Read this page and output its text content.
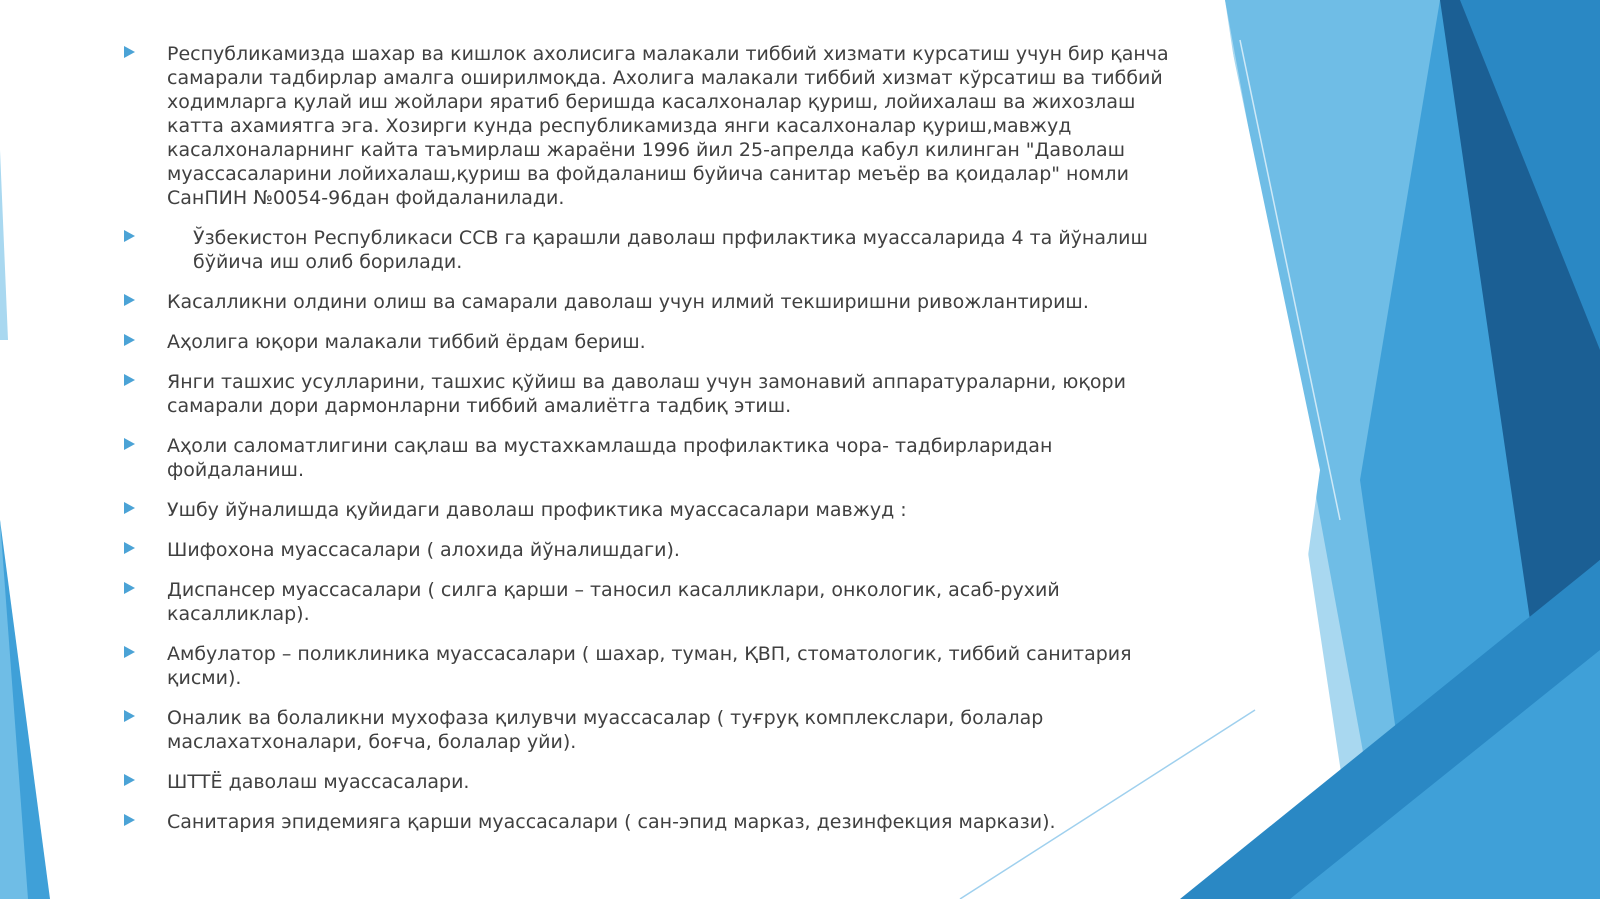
Республикамизда шахар ва кишлок ахолисига малакали тиббий хизмати курсатиш учун бир қанча самарали тадбирлар амалга оширилмоқда. Ахолига малакали тиббий хизмат кўрсатиш ва тиббий ходимларга қулай иш жойлари яратиб беришда касалхоналар қуриш, лойихалаш ва жихозлаш катта ахамиятга эга. Хозирги кунда республикамизда янги касалхоналар қуриш,мавжуд касалхоналарнинг кайта таъмирлаш жараёни 1996 йил 25-апрелда кабул килинган "Даволаш муассасаларини лойихалаш,қуриш ва фойдаланиш буйича санитар меъёр ва қоидалар" номли СанПИН №0054-96дан фойдаланилади.
Ўзбекистон Республикаси ССВ га қарашли даволаш прфилактика муассаларида 4 та йўналиш бўйича иш олиб борилади.
Касалликни олдини олиш ва самарали даволаш учун илмий текширишни ривожлантириш.
Аҳолига юқори малакали тиббий ёрдам бериш.
Янги ташхис усулларини, ташхис қўйиш ва даволаш учун замонавий аппаратураларни, юқори самарали дори дармонларни тиббий амалиётга тадбиқ этиш.
Аҳоли саломатлигини сақлаш ва мустахкамлашда профилактика чора- тадбирларидан фойдаланиш.
Ушбу йўналишда қуйидаги даволаш профиктика муассасалари мавжуд :
Шифохона муассасалари ( алохида йўналишдаги).
Диспансер муассасалари ( силга қарши – таносил касалликлари, онкологик, асаб-рухий касалликлар).
Амбулатор – поликлиника муассасалари ( шахар, туман, ҚВП, стоматологик, тиббий санитария қисми).
Оналик ва болаликни мухофаза қилувчи муассасалар ( туғруқ комплекслари, болалар маслахатхоналари, боғча, болалар уйи).
ШТТЁ даволаш муассасалари.
Санитария эпидемияга қарши муассасалари ( сан-эпид марказ, дезинфекция маркази).
